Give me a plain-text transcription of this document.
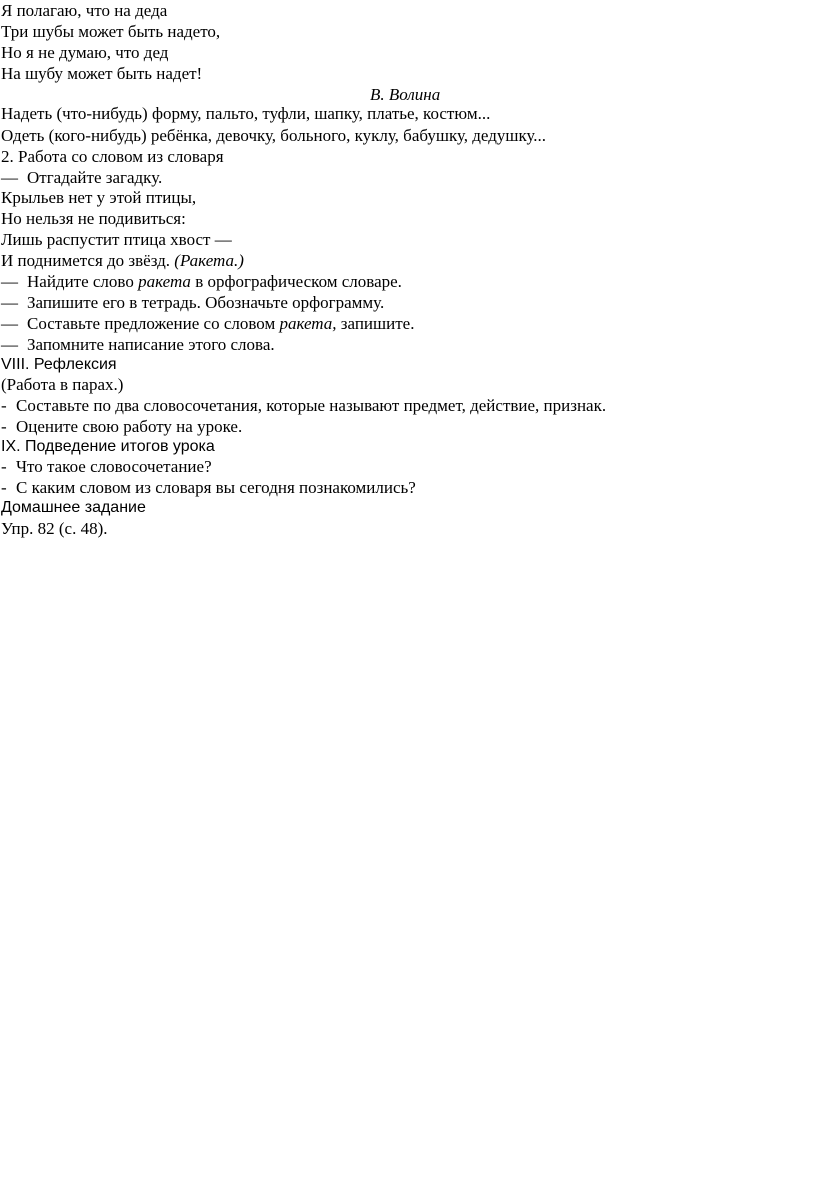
Я полагаю, что на деда
Три шубы может быть надето,
Но я не думаю, что дед
На шубу может быть надет!
В. Волина
Надеть (что-нибудь) форму, пальто, туфли, шапку, платье, костюм...
Одеть (кого-нибудь) ребёнка, девочку, больного, куклу, бабушку, дедушку...
2. Работа со словом из словаря
— Отгадайте загадку.
Крыльев нет у этой птицы,
Но нельзя не подивиться:
Лишь распустит птица хвост —
И поднимется до звёзд. (Ракета.)
— Найдите слово ракета в орфографическом словаре.
— Запишите его в тетрадь. Обозначьте орфограмму.
— Составьте предложение со словом ракета, запишите.
— Запомните написание этого слова.
VIII. Рефлексия
(Работа в парах.)
- Составьте по два словосочетания, которые называют предмет, действие, признак.
- Оцените свою работу на уроке.
IX. Подведение итогов урока
- Что такое словосочетание?
- С каким словом из словаря вы сегодня познакомились?
Домашнее задание
Упр. 82 (с. 48).
